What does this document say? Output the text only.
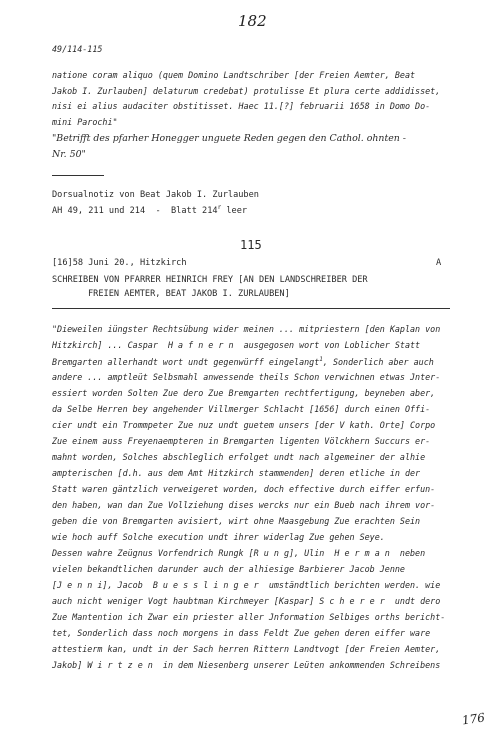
182
49/114-115
natione coram aliquo (quem Domino Landtschriber [der Freien Aemter, Beat
Jakob I. Zurlauben] delaturum credebat) protulisse Et plura certe addidisset,
nisi ei alius audaciter obstitisset. Haec 11.[?] februarii 1658 in Domo Do-
mini Parochi"
"Betrifft des pfarher Honegger unguete Reden gegen den Cathol. ohnten -
Nr. 50"
Dorsualnotiz von Beat Jakob I. Zurlauben
AH 49, 211 und 214  -  Blatt 214$^r$ leer
115
[16]58 Juni 20., Hitzkirch	A
SCHREIBEN VON PFARRER HEINRICH FREY [AN DEN LANDSCHREIBER DER
FREIEN AEMTER, BEAT JAKOB I. ZURLAUBEN]
"Dieweilen iüngster Rechtsübung wider meinen ... mitpriestern [den Kaplan von
Hitzkirch] ... Caspar  H a f n e r n  ausgegosen wort von Loblicher Statt
Bremgarten allerhandt wort undt gegenwürff eingelangt$^1$, Sonderlich aber auch
andere ... amptleüt Selbsmahl anwessende theils Schon verwichnen etwas Jnter-
essiert worden Solten Zue dero Zue Bremgarten rechtfertigung, beyneben aber,
da Selbe Herren bey angehender Villmerger Schlacht [1656] durch einen Offi-
cier undt ein Trommpeter Zue nuz undt guetem unsers [der V kath. Orte] Corpo
Zue einem auss Freyenaempteren in Bremgarten ligenten Völckhern Succurs er-
mahnt worden, Solches abschleglich erfolget undt nach algemeiner der alhie
ampterischen [d.h. aus dem Amt Hitzkirch stammenden] deren etliche in der
Statt waren gäntzlich verweigeret worden, doch effective durch eiffer erfun-
den haben, wan dan Zue Vollziehung dises wercks nur ein Bueb nach ihrem vor-
geben die von Bremgarten avisiert, wirt ohne Maasgebung Zue erachten Sein
wie hoch auff Solche execution undt ihrer widerlag Zue gehen Seye.
Dessen wahre Zeügnus Vorfendrich Rungk [R u n g], Ulin  H e r m a n  neben
vielen bekandtlichen darunder auch der alhiesige Barbierer Jacob Jenne
[J e n n i], Jacob  B u e s s l i n g e r  umständtlich berichten werden. wie
auch nicht weniger Vogt haubtman Kirchmeyer [Kaspar] S c h e r e r  undt dero
Zue Mantention ich Zwar ein priester aller Jnformation Selbiges orths bericht-
tet, Sonderlich dass noch morgens in dass Feldt Zue gehen deren eiffer ware
attestierm kan, undt in der Sach herren Rittern Landtvogt [der Freien Aemter,
Jakob] W i r t z e n  in dem Niesenberg unserer Leüten ankommenden Schreibens
176
